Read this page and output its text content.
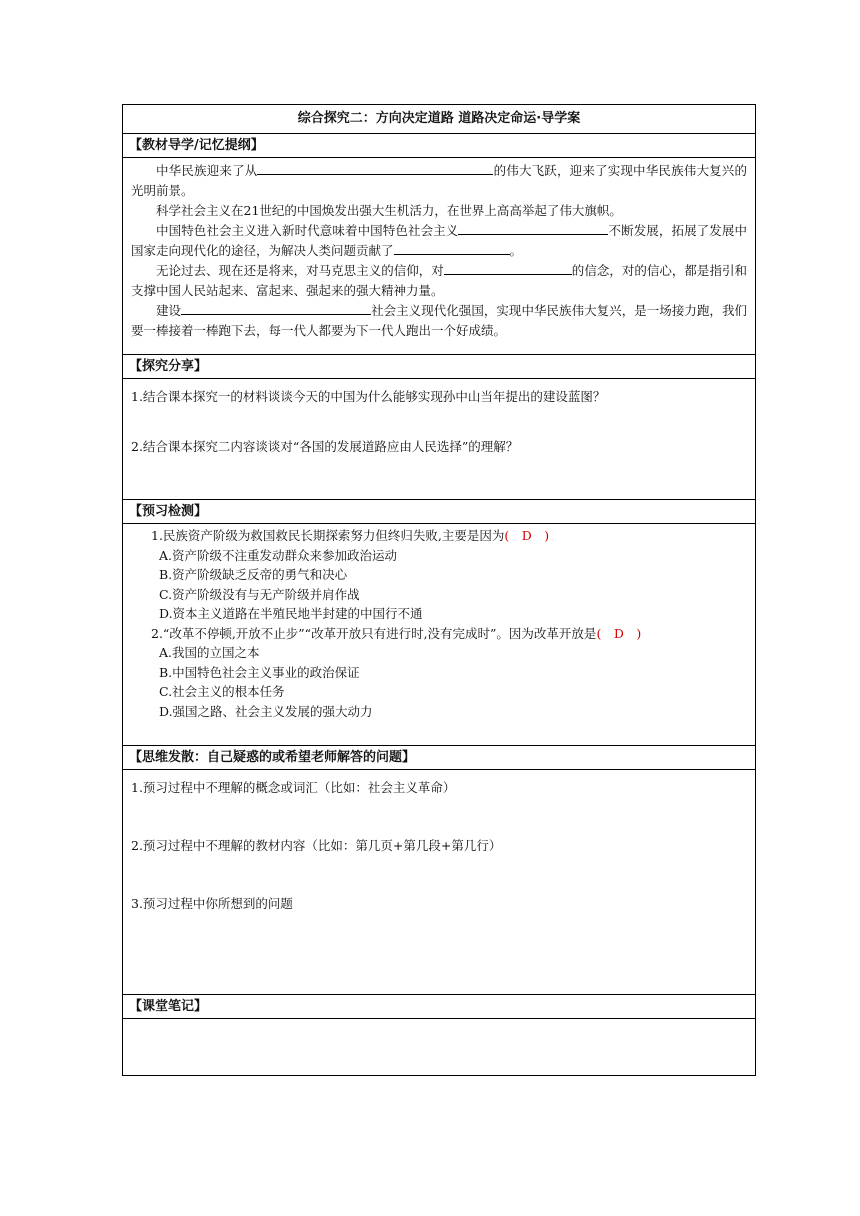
综合探究二：方向决定道路 道路决定命运·导学案
【教材导学/记忆提纲】

中华民族迎来了从	的伟大飞跃，迎来了实现中华民族伟大复兴的光明前景。

科学社会主义在21世纪的中国焕发出强大生机活力，在世界上高高举起了伟大旗帜。

中国特色社会主义进入新时代意味着中国特色社会主义	不断发展，拓展了发展中国家走向现代化的途径，为解决人类问题贡献了	。

无论过去、现在还是将来，对马克思主义的信仰，对	的信念，对的信心，都是指引和支撑中国人民站起来、富起来、强起来的强大精神力量。

建设	社会主义现代化强国，实现中华民族伟大复兴，是一场接力跑，我们要一棒接着一棒跑下去，每一代人都要为下一代人跑出一个好成绩。

【探究分享】

1.结合课本探究一的材料谈谈今天的中国为什么能够实现孙中山当年提出的建设蓝图？

2.结合课本探究二内容谈谈对“各国的发展道路应由人民选择”的理解？

【预习检测】

1.民族资产阶级为救国救民长期探索努力但终归失败,主要是因为(　D　)

A.资产阶级不注重发动群众来参加政治运动

B.资产阶级缺乏反帝的勇气和决心

C.资产阶级没有与无产阶级并肩作战

D.资本主义道路在半殖民地半封建的中国行不通

2.“改革不停顿,开放不止步”“改革开放只有进行时,没有完成时”。因为改革开放是(　D　)

A.我国的立国之本

B.中国特色社会主义事业的政治保证

C.社会主义的根本任务

D.强国之路、社会主义发展的强大动力

【思维发散：自己疑惑的或希望老师解答的问题】

1.预习过程中不理解的概念或词汇（比如：社会主义革命）

2.预习过程中不理解的教材内容（比如：第几页+第几段+第几行）

3.预习过程中你所想到的问题

【课堂笔记】
